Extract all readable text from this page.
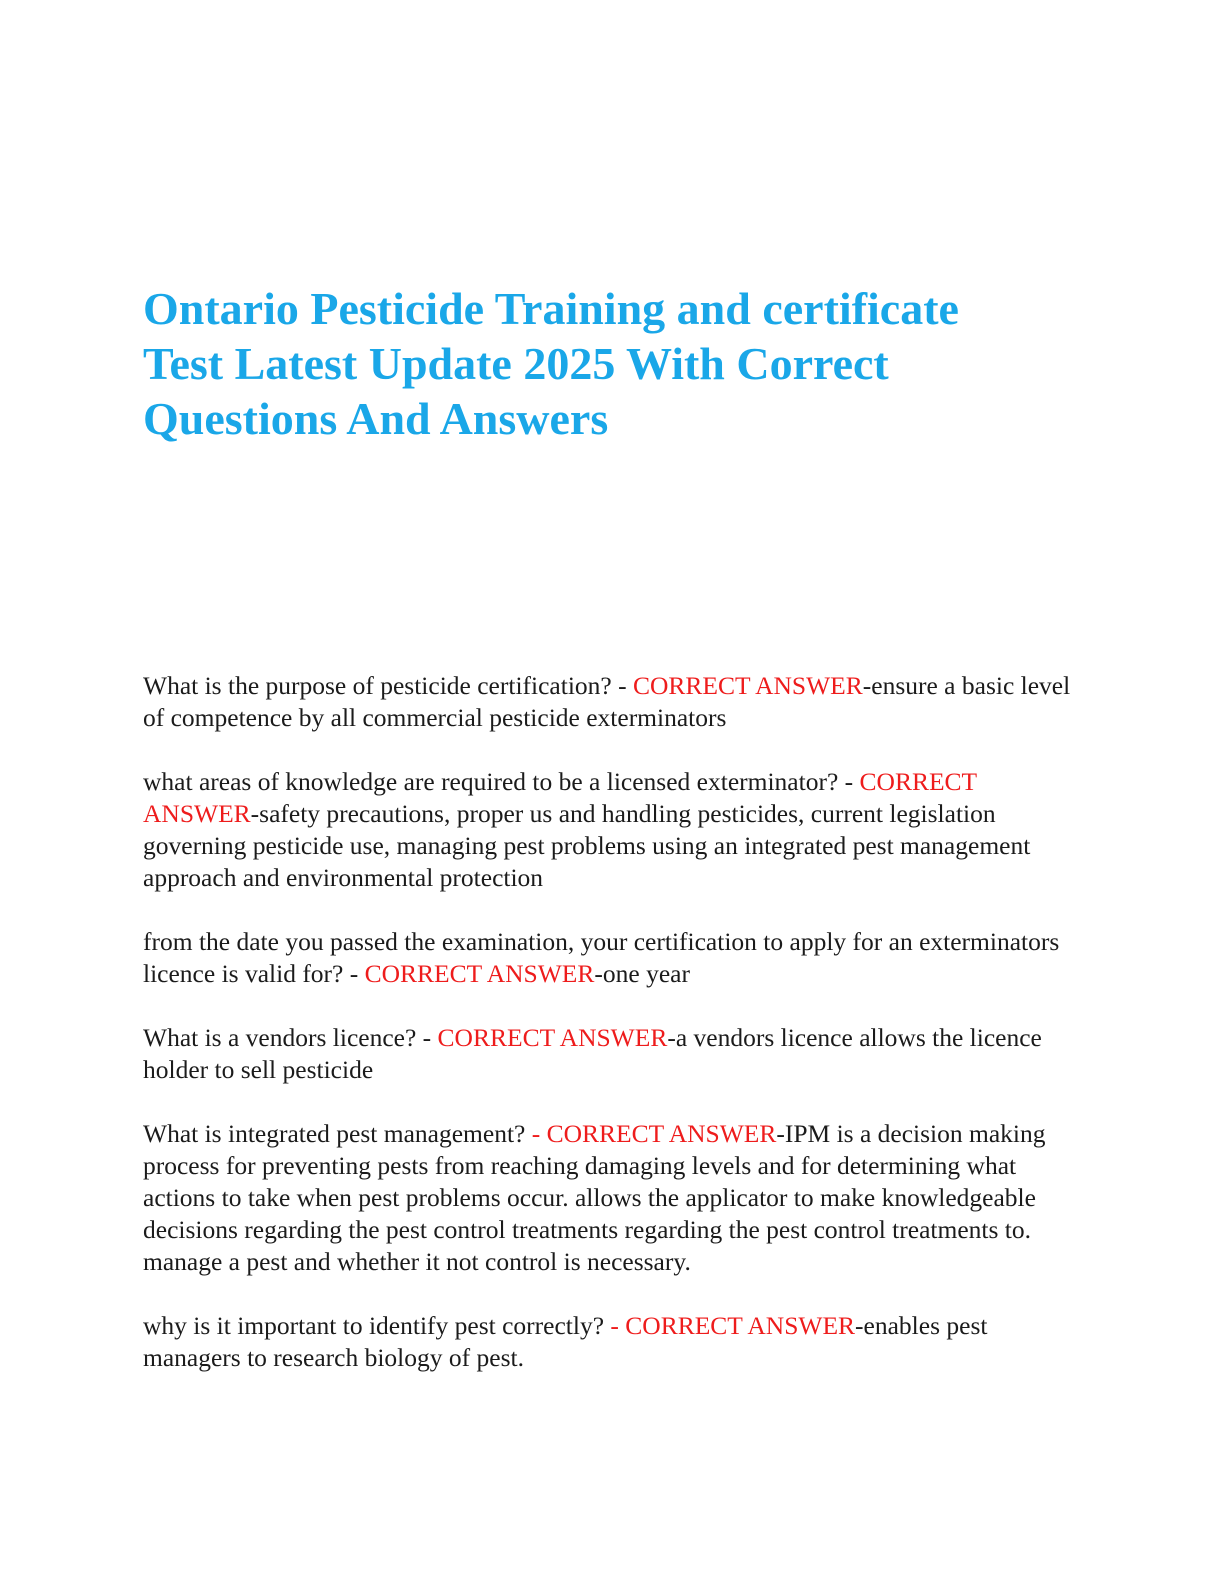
Ontario Pesticide Training and certificate
Test Latest Update 2025 With Correct
Questions And Answers

What is the purpose of pesticide certification? - CORRECT ANSWER-ensure a basic level of competence by all commercial pesticide exterminators

what areas of knowledge are required to be a licensed exterminator? - CORRECT ANSWER-safety precautions, proper us and handling pesticides, current legislation governing pesticide use, managing pest problems using an integrated pest management approach and environmental protection

from the date you passed the examination, your certification to apply for an exterminators licence is valid for? - CORRECT ANSWER-one year

What is a vendors licence? - CORRECT ANSWER-a vendors licence allows the licence holder to sell pesticide

What is integrated pest management? - CORRECT ANSWER-IPM is a decision making process for preventing pests from reaching damaging levels and for determining what actions to take when pest problems occur. allows the applicator to make knowledgeable decisions regarding the pest control treatments regarding the pest control treatments to. manage a pest and whether it not control is necessary.

why is it important to identify pest correctly? - CORRECT ANSWER-enables pest managers to research biology of pest.
